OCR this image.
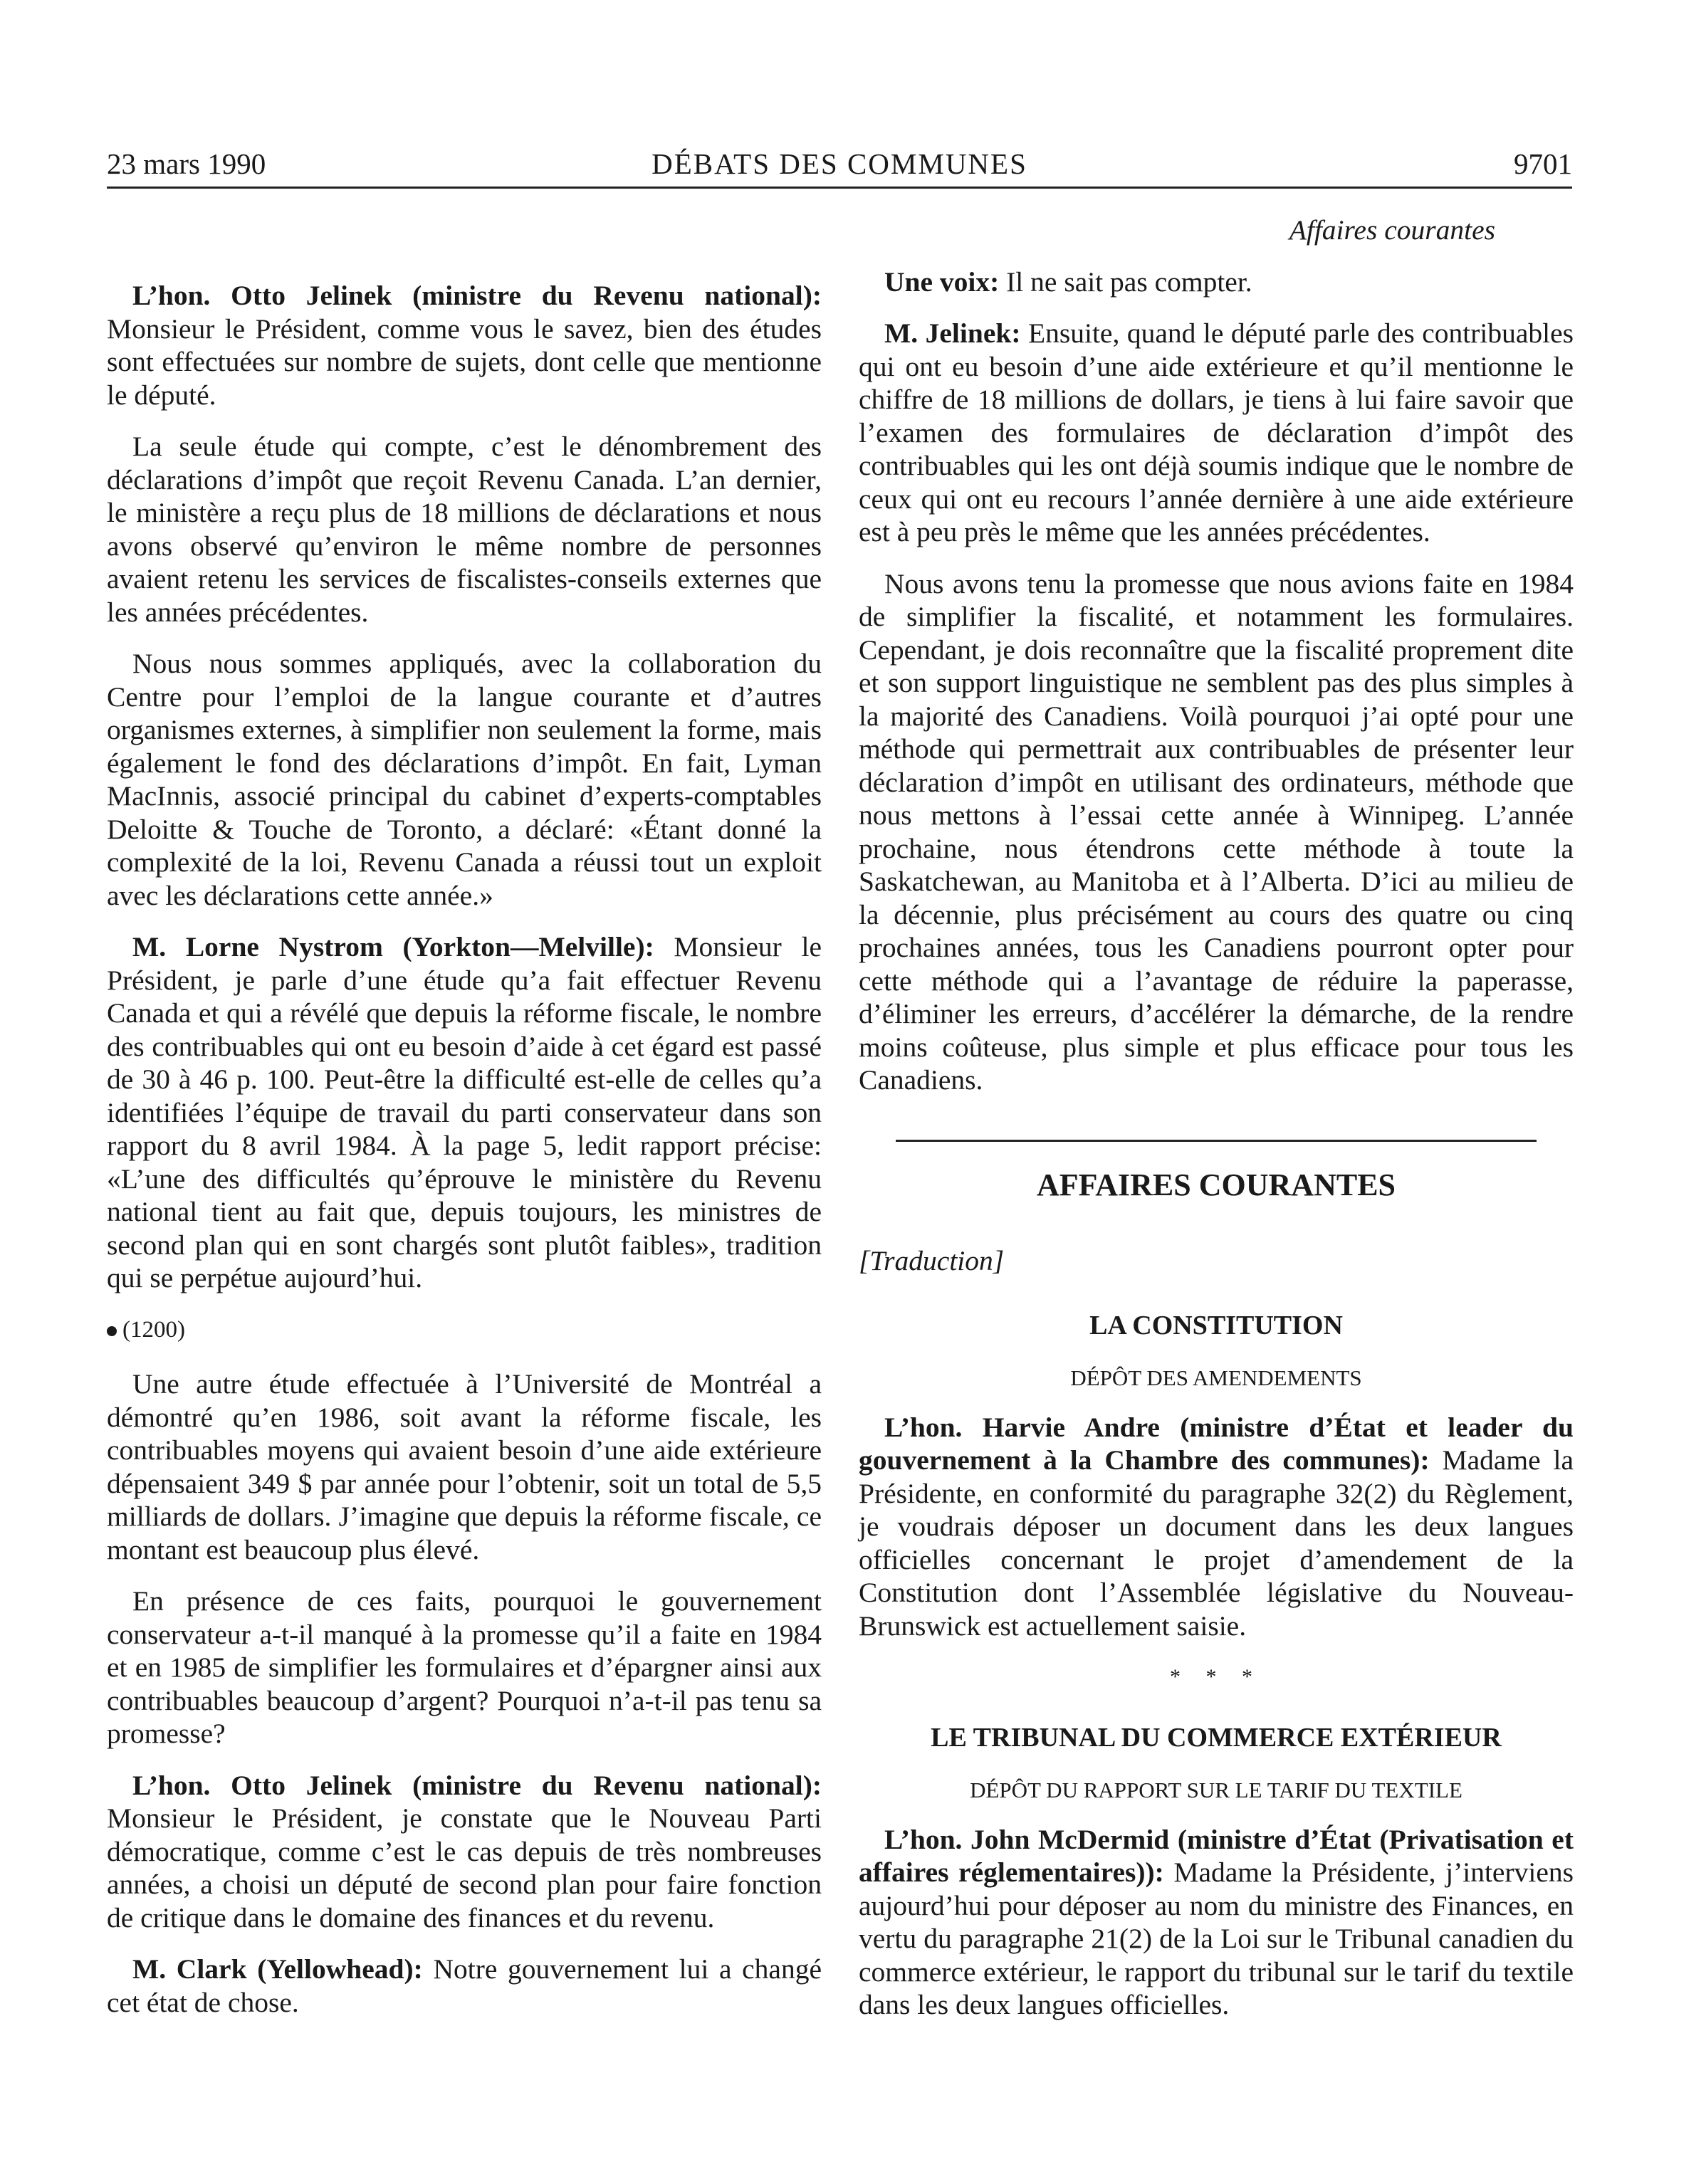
23 mars 1990	DÉBATS DES COMMUNES	9701

L’hon. Otto Jelinek (ministre du Revenu national): Monsieur le Président, comme vous le savez, bien des études sont effectuées sur nombre de sujets, dont celle que mentionne le député.

La seule étude qui compte, c’est le dénombrement des déclarations d’impôt que reçoit Revenu Canada. L’an dernier, le ministère a reçu plus de 18 millions de déclarations et nous avons observé qu’environ le même nombre de personnes avaient retenu les services de fiscalistes-conseils externes que les années précédentes.

Nous nous sommes appliqués, avec la collaboration du Centre pour l’emploi de la langue courante et d’autres organismes externes, à simplifier non seulement la forme, mais également le fond des déclarations d’impôt. En fait, Lyman MacInnis, associé principal du cabinet d’experts-comptables Deloitte & Touche de Toronto, a déclaré: «Étant donné la complexité de la loi, Revenu Canada a réussi tout un exploit avec les déclarations cette année.»

M. Lorne Nystrom (Yorkton—Melville): Monsieur le Président, je parle d’une étude qu’a fait effectuer Revenu Canada et qui a révélé que depuis la réforme fiscale, le nombre des contribuables qui ont eu besoin d’aide à cet égard est passé de 30 à 46 p. 100. Peut-être la difficulté est-elle de celles qu’a identifiées l’équipe de travail du parti conservateur dans son rapport du 8 avril 1984. À la page 5, ledit rapport précise: «L’une des difficultés qu’éprouve le ministère du Revenu national tient au fait que, depuis toujours, les ministres de second plan qui en sont chargés sont plutôt faibles», tradition qui se perpétue aujourd’hui.

(1200)

Une autre étude effectuée à l’Université de Montréal a démontré qu’en 1986, soit avant la réforme fiscale, les contribuables moyens qui avaient besoin d’une aide extérieure dépensaient 349 $ par année pour l’obtenir, soit un total de 5,5 milliards de dollars. J’imagine que depuis la réforme fiscale, ce montant est beaucoup plus élevé.

En présence de ces faits, pourquoi le gouvernement conservateur a-t-il manqué à la promesse qu’il a faite en 1984 et en 1985 de simplifier les formulaires et d’épargner ainsi aux contribuables beaucoup d’argent? Pourquoi n’a-t-il pas tenu sa promesse?

L’hon. Otto Jelinek (ministre du Revenu national): Monsieur le Président, je constate que le Nouveau Parti démocratique, comme c’est le cas depuis de très nombreuses années, a choisi un député de second plan pour faire fonction de critique dans le domaine des finances et du revenu.

M. Clark (Yellowhead): Notre gouvernement lui a changé cet état de chose.

Affaires courantes

Une voix: Il ne sait pas compter.

M. Jelinek: Ensuite, quand le député parle des contribuables qui ont eu besoin d’une aide extérieure et qu’il mentionne le chiffre de 18 millions de dollars, je tiens à lui faire savoir que l’examen des formulaires de déclaration d’impôt des contribuables qui les ont déjà soumis indique que le nombre de ceux qui ont eu recours l’année dernière à une aide extérieure est à peu près le même que les années précédentes.

Nous avons tenu la promesse que nous avions faite en 1984 de simplifier la fiscalité, et notamment les formulaires. Cependant, je dois reconnaître que la fiscalité proprement dite et son support linguistique ne semblent pas des plus simples à la majorité des Canadiens. Voilà pourquoi j’ai opté pour une méthode qui permettrait aux contribuables de présenter leur déclaration d’impôt en utilisant des ordinateurs, méthode que nous mettons à l’essai cette année à Winnipeg. L’année prochaine, nous étendrons cette méthode à toute la Saskatchewan, au Manitoba et à l’Alberta. D’ici au milieu de la décennie, plus précisément au cours des quatre ou cinq prochaines années, tous les Canadiens pourront opter pour cette méthode qui a l’avantage de réduire la paperasse, d’éliminer les erreurs, d’accélérer la démarche, de la rendre moins coûteuse, plus simple et plus efficace pour tous les Canadiens.

AFFAIRES COURANTES
[Traduction]
LA CONSTITUTION
DÉPÔT DES AMENDEMENTS

L’hon. Harvie Andre (ministre d’État et leader du gouvernement à la Chambre des communes): Madame la Présidente, en conformité du paragraphe 32(2) du Règlement, je voudrais déposer un document dans les deux langues officielles concernant le projet d’amendement de la Constitution dont l’Assemblée législative du Nouveau-Brunswick est actuellement saisie.

* * *
LE TRIBUNAL DU COMMERCE EXTÉRIEUR
DÉPÔT DU RAPPORT SUR LE TARIF DU TEXTILE

L’hon. John McDermid (ministre d’État (Privatisation et affaires réglementaires)): Madame la Présidente, j’interviens aujourd’hui pour déposer au nom du ministre des Finances, en vertu du paragraphe 21(2) de la Loi sur le Tribunal canadien du commerce extérieur, le rapport du tribunal sur le tarif du textile dans les deux langues officielles.
